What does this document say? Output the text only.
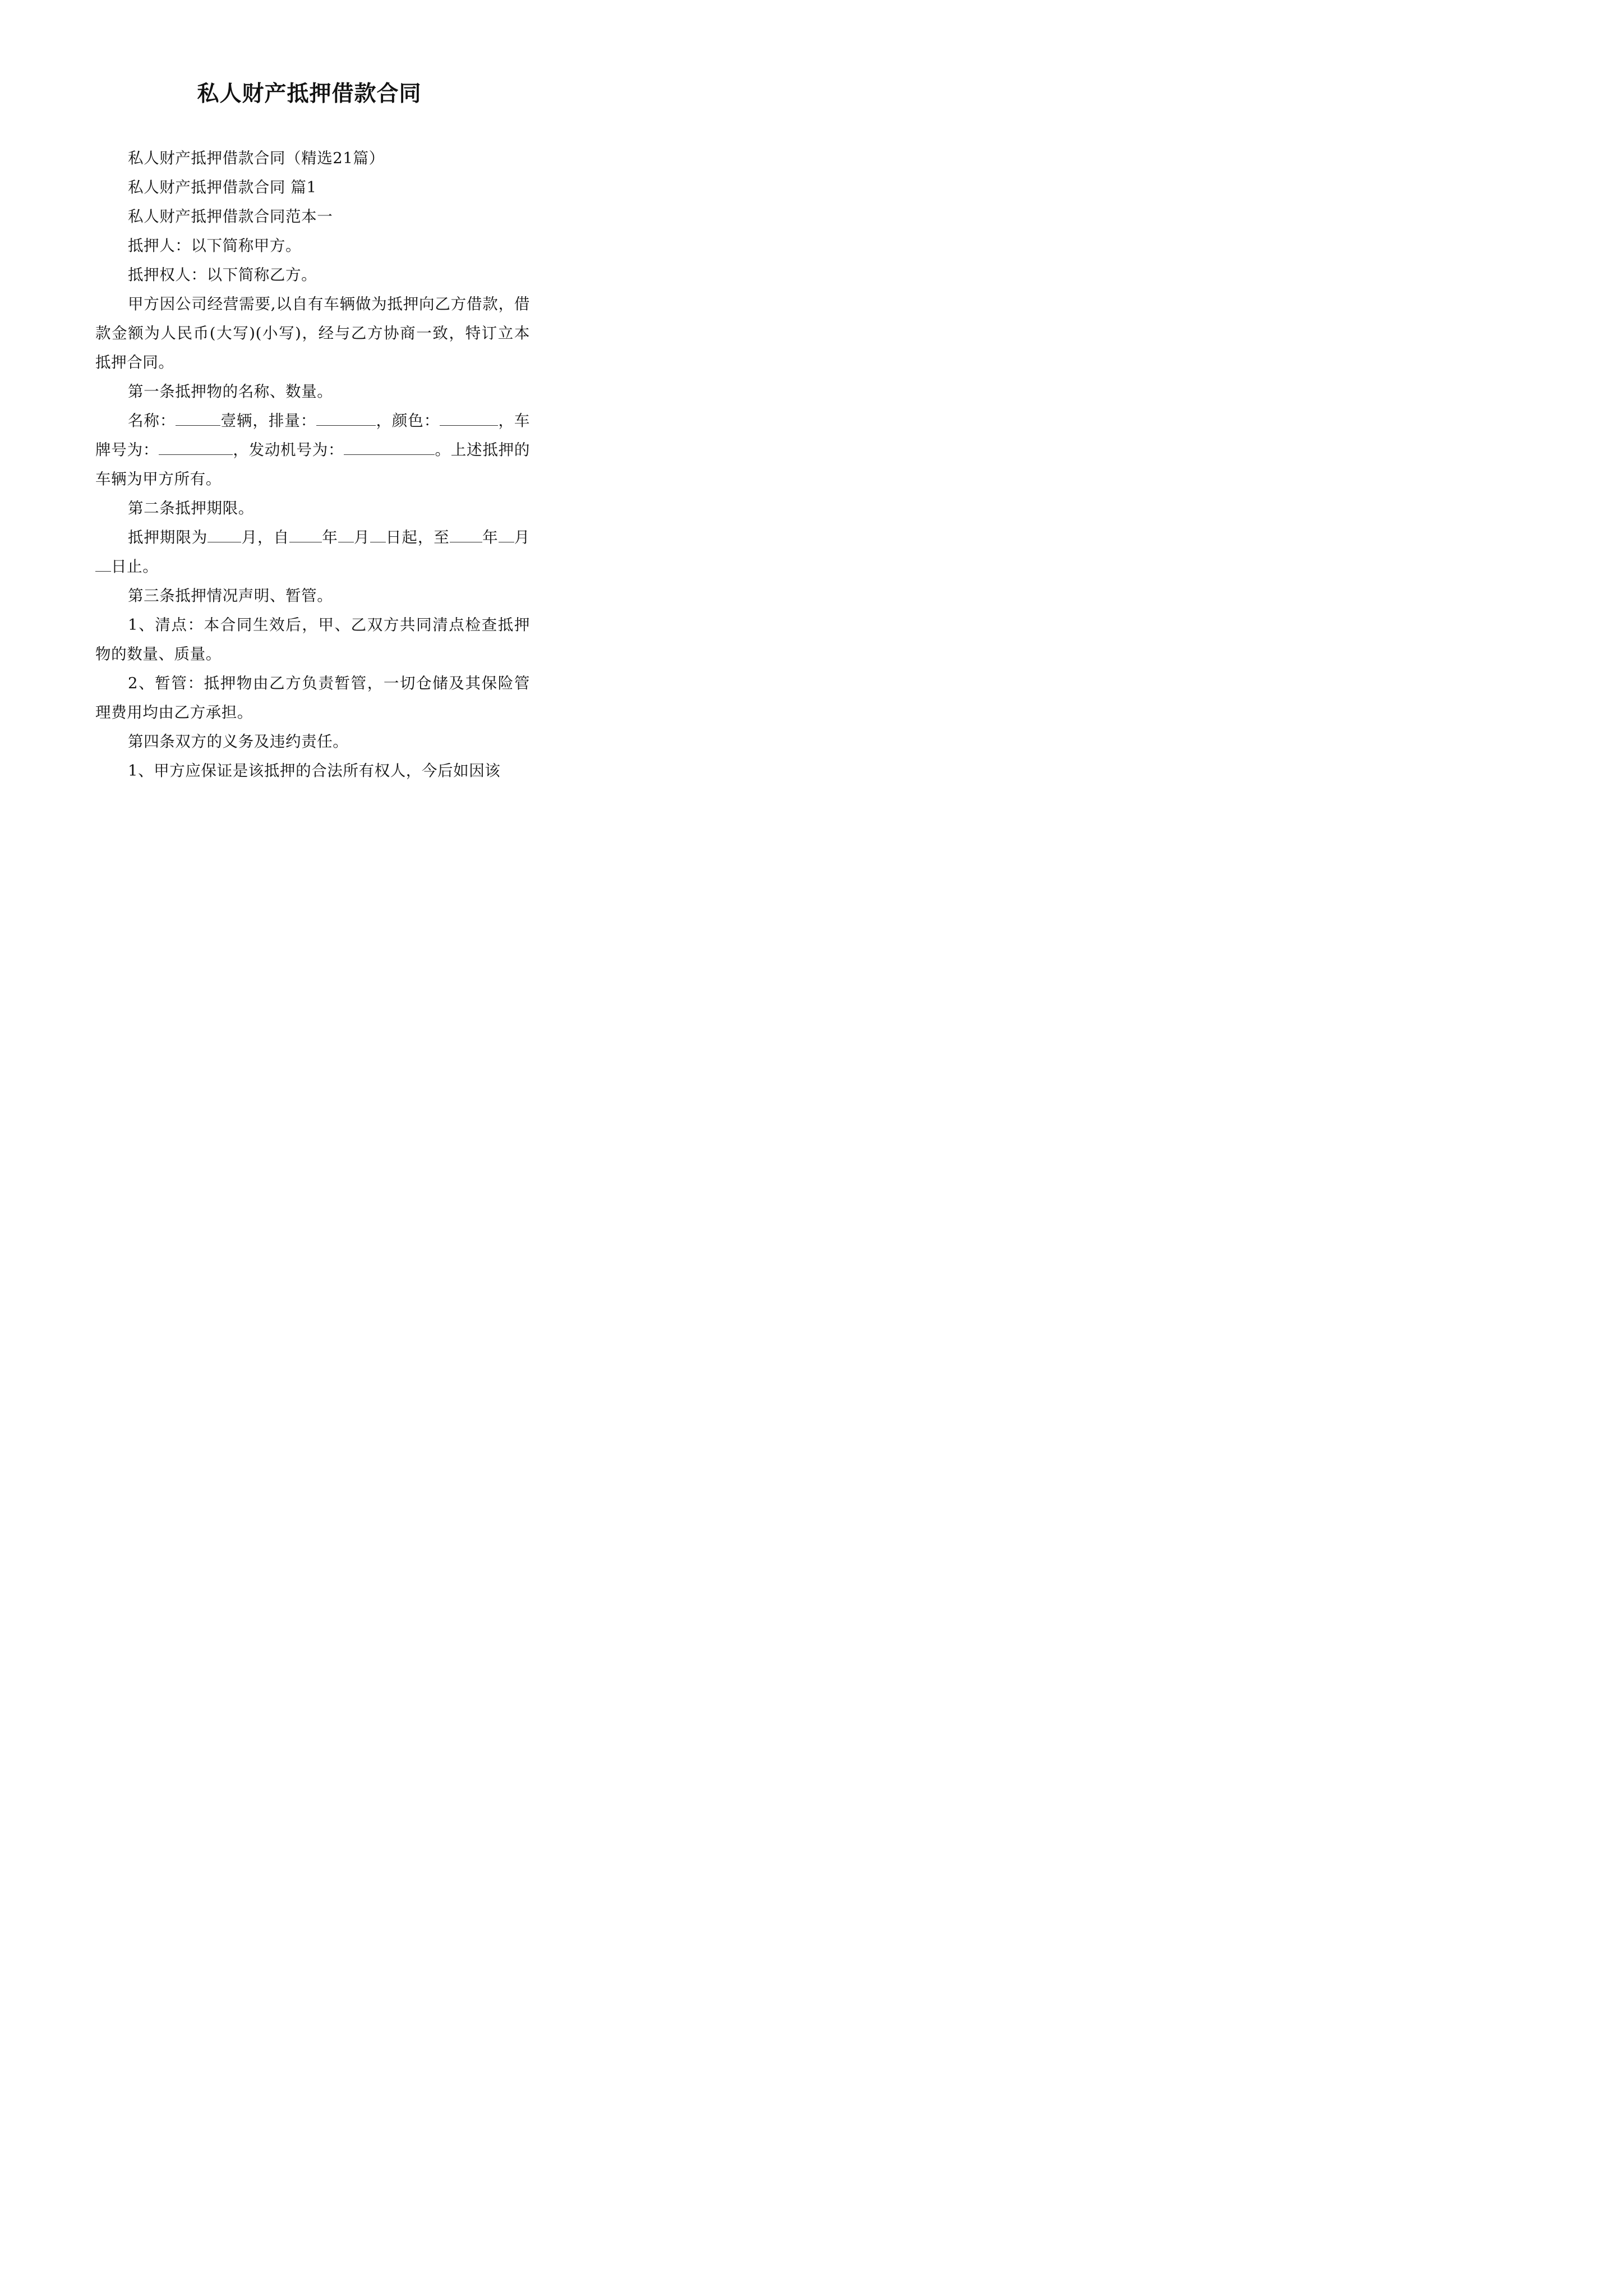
私人财产抵押借款合同

私人财产抵押借款合同（精选21篇）

私人财产抵押借款合同 篇1

私人财产抵押借款合同范本一

抵押人：以下简称甲方。

抵押权人：以下简称乙方。

甲方因公司经营需要,以自有车辆做为抵押向乙方借款，借款金额为人民币(大写)(小写)，经与乙方协商一致，特订立本抵押合同。

第一条抵押物的名称、数量。

名称：	壹辆，排量：	，颜色：	，车牌号为：	，发动机号为：	。上述抵押的车辆为甲方所有。

第二条抵押期限。

抵押期限为 月，自 年 月 日起，至 年 月日止。

第三条抵押情况声明、暂管。

1、清点：本合同生效后，甲、乙双方共同清点检查抵押物的数量、质量。

2、暂管：抵押物由乙方负责暂管，一切仓储及其保险管理费用均由乙方承担。

第四条双方的义务及违约责任。

1、甲方应保证是该抵押的合法所有权人，今后如因该
